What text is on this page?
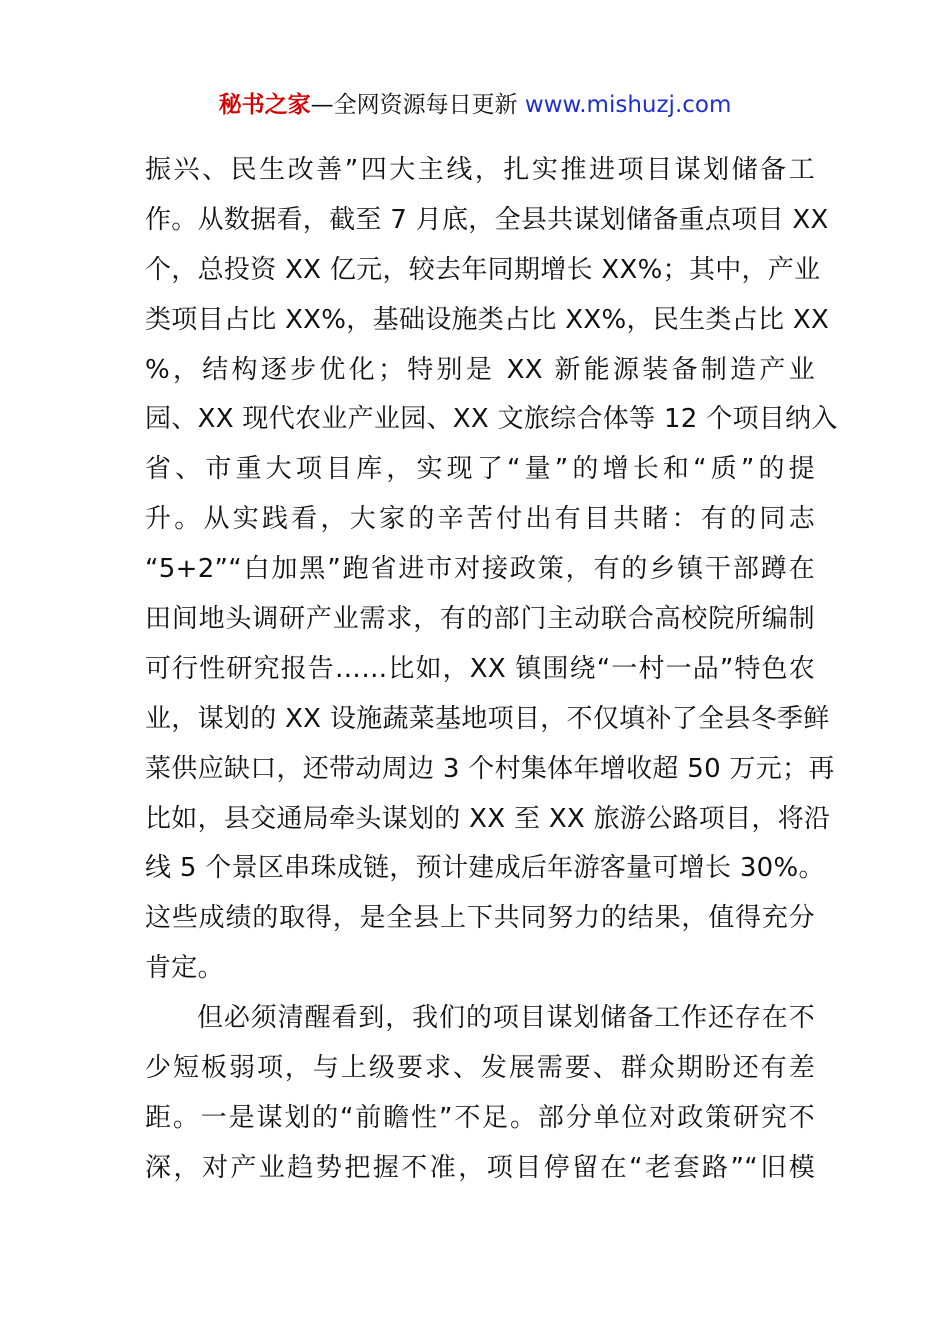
秘书之家—全网资源每日更新 www.mishuzj.com
振兴、民生改善”四大主线，扎实推进项目谋划储备工
作。从数据看，截至 7 月底，全县共谋划储备重点项目 XX
个，总投资 XX 亿元，较去年同期增长 XX%；其中，产业
类项目占比 XX%，基础设施类占比 XX%，民生类占比 XX
%，结构逐步优化；特别是 XX 新能源装备制造产业
园、XX 现代农业产业园、XX 文旅综合体等 12 个项目纳入
省、市重大项目库，实现了“量”的增长和“质”的提
升。从实践看，大家的辛苦付出有目共睹：有的同志
“5+2”“白加黑”跑省进市对接政策，有的乡镇干部蹲在
田间地头调研产业需求，有的部门主动联合高校院所编制
可行性研究报告……比如，XX 镇围绕“一村一品”特色农
业，谋划的 XX 设施蔬菜基地项目，不仅填补了全县冬季鲜
菜供应缺口，还带动周边 3 个村集体年增收超 50 万元；再
比如，县交通局牵头谋划的 XX 至 XX 旅游公路项目，将沿
线 5 个景区串珠成链，预计建成后年游客量可增长 30%。
这些成绩的取得，是全县上下共同努力的结果，值得充分
肯定。
但必须清醒看到，我们的项目谋划储备工作还存在不
少短板弱项，与上级要求、发展需要、群众期盼还有差
距。一是谋划的“前瞻性”不足。部分单位对政策研究不
深，对产业趋势把握不准，项目停留在“老套路”“旧模
